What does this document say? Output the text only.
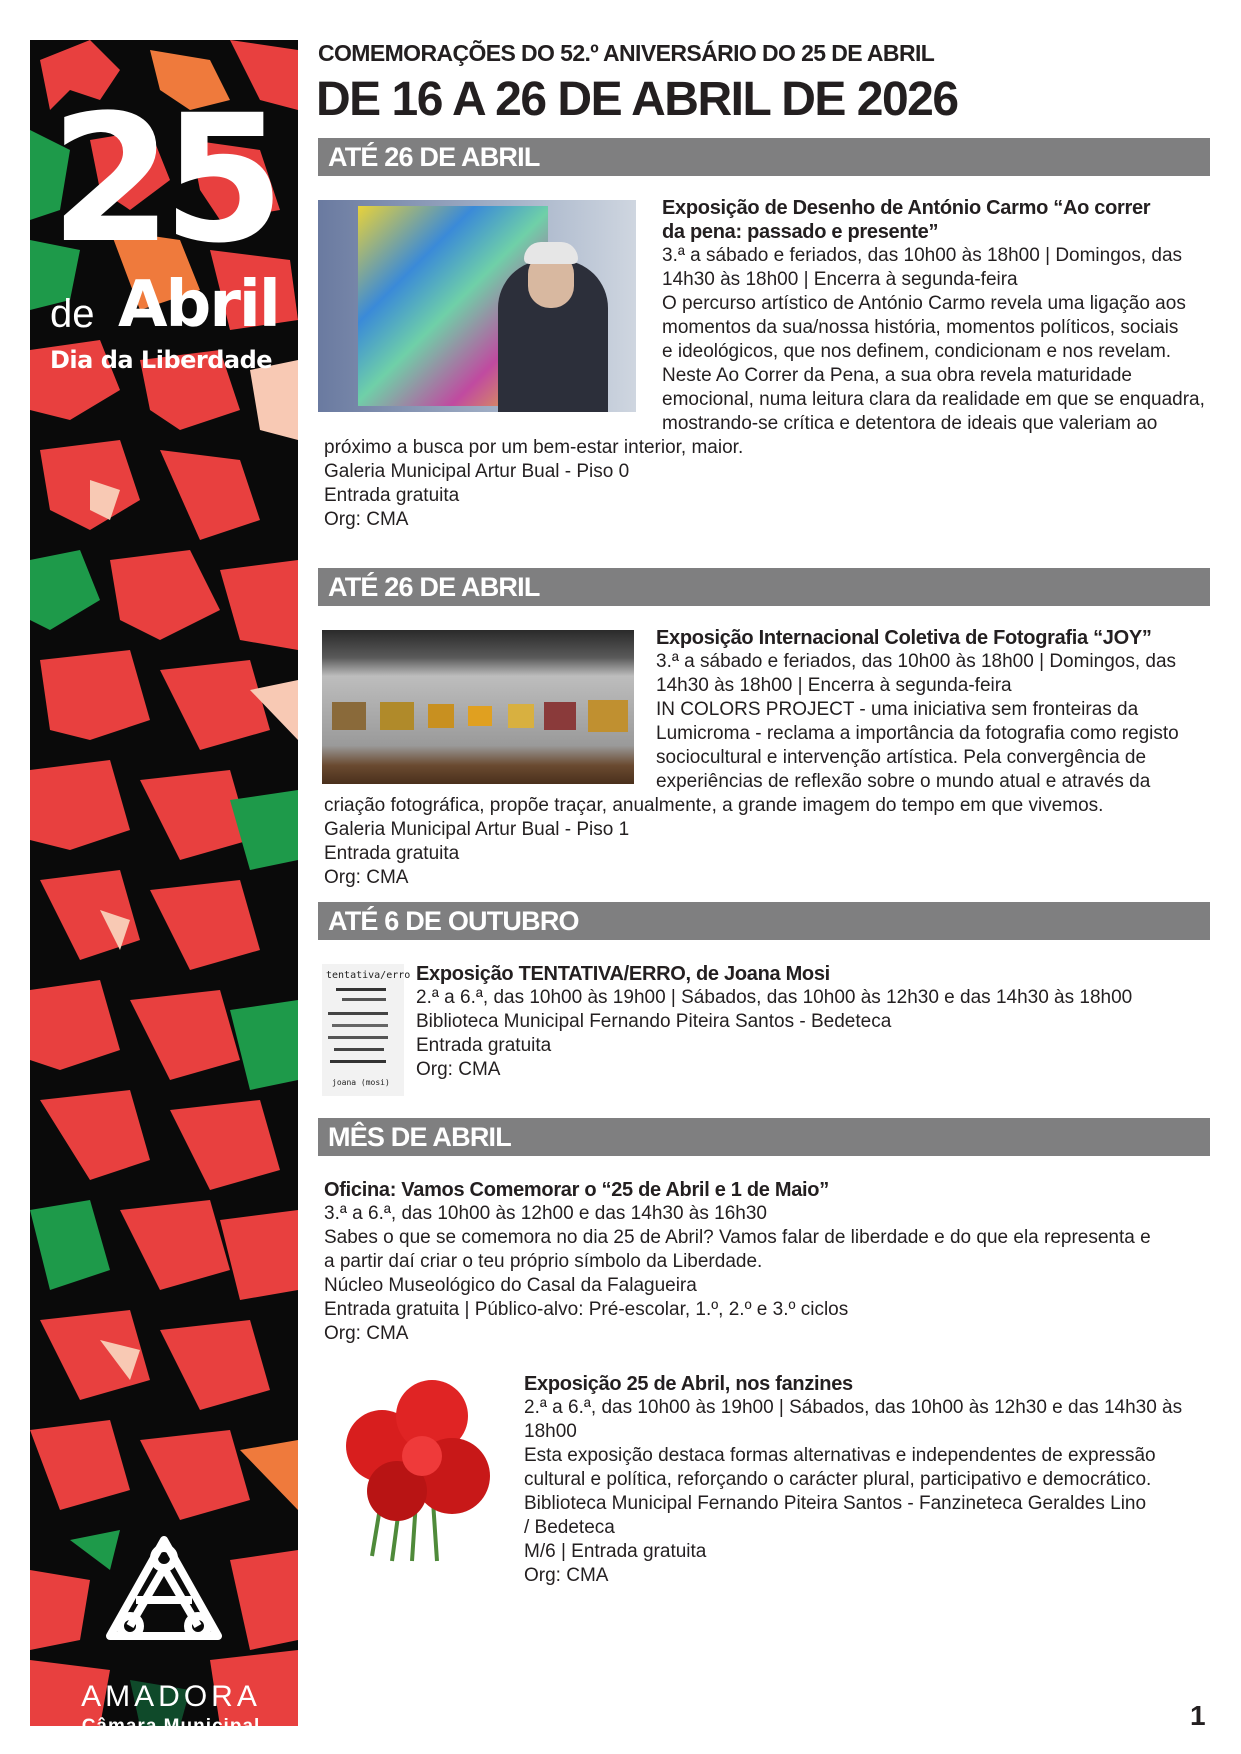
25
de Abril
Dia da Liberdade
AMADORA
Câmara Municipal
COMEMORAÇÕES DO 52.º ANIVERSÁRIO DO 25 DE ABRIL
DE 16 A 26 DE ABRIL DE 2026
ATÉ 26 DE ABRIL
Exposição de Desenho de António Carmo “Ao correr
da pena: passado e presente”
3.ª a sábado e feriados, das 10h00 às 18h00 | Domingos, das
14h30 às 18h00 | Encerra à segunda-feira
O percurso artístico de António Carmo revela uma ligação aos
momentos da sua/nossa história, momentos políticos, sociais
e ideológicos, que nos definem, condicionam e nos revelam.
Neste Ao Correr da Pena, a sua obra revela maturidade
emocional, numa leitura clara da realidade em que se enquadra,
mostrando-se crítica e detentora de ideais que valeriam ao
próximo a busca por um bem-estar interior, maior.
Galeria Municipal Artur Bual - Piso 0
Entrada gratuita
Org: CMA
ATÉ 26 DE ABRIL
Exposição Internacional Coletiva de Fotografia “JOY”
3.ª a sábado e feriados, das 10h00 às 18h00 | Domingos, das
14h30 às 18h00 | Encerra à segunda-feira
IN COLORS PROJECT - uma iniciativa sem fronteiras da
Lumicroma - reclama a importância da fotografia como registo
sociocultural e intervenção artística. Pela convergência de
experiências de reflexão sobre o mundo atual e através da
criação fotográfica, propõe traçar, anualmente, a grande imagem do tempo em que vivemos.
Galeria Municipal Artur Bual - Piso 1
Entrada gratuita
Org: CMA
ATÉ 6 DE OUTUBRO
tentativa/erro
joana (mosi)
Exposição TENTATIVA/ERRO, de Joana Mosi
2.ª a 6.ª, das 10h00 às 19h00 | Sábados, das 10h00 às 12h30 e das 14h30 às 18h00
Biblioteca Municipal Fernando Piteira Santos - Bedeteca
Entrada gratuita
Org: CMA
MÊS DE ABRIL
Oficina: Vamos Comemorar o “25 de Abril e 1 de Maio”
3.ª a 6.ª, das 10h00 às 12h00 e das 14h30 às 16h30
Sabes o que se comemora no dia 25 de Abril? Vamos falar de liberdade e do que ela representa e
a partir daí criar o teu próprio símbolo da Liberdade.
Núcleo Museológico do Casal da Falagueira
Entrada gratuita | Público-alvo: Pré-escolar, 1.º, 2.º e 3.º ciclos
Org: CMA
Exposição 25 de Abril, nos fanzines
2.ª a 6.ª, das 10h00 às 19h00 | Sábados, das 10h00 às 12h30 e das 14h30 às
18h00
Esta exposição destaca formas alternativas e independentes de expressão
cultural e política, reforçando o carácter plural, participativo e democrático.
Biblioteca Municipal Fernando Piteira Santos - Fanzineteca Geraldes Lino
/ Bedeteca
M/6 | Entrada gratuita
Org: CMA
1
